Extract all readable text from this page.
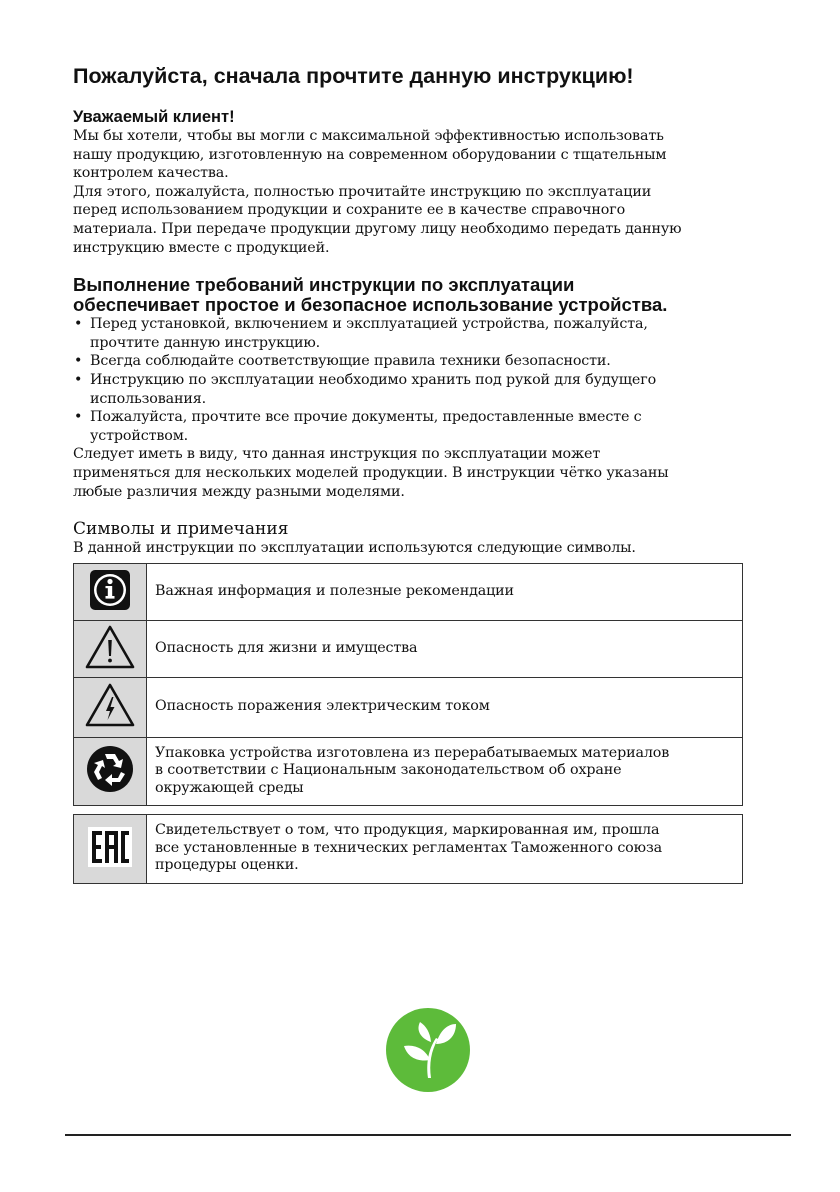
Пожалуйста, сначала прочтите данную инструкцию!
Уважаемый клиент!
Мы бы хотели, чтобы вы могли с максимальной эффективностью использовать
нашу продукцию, изготовленную на современном оборудовании с тщательным
контролем качества.
Для этого, пожалуйста, полностью прочитайте инструкцию по эксплуатации
перед использованием продукции и сохраните ее в качестве справочного
материала. При передаче продукции другому лицу необходимо передать данную
инструкцию вместе с продукцией.
Выполнение требований инструкции по эксплуатации
обеспечивает простое и безопасное использование устройства.
• Перед установкой, включением и эксплуатацией устройства, пожалуйста,
прочтите данную инструкцию.
• Всегда соблюдайте соответствующие правила техники безопасности.
• Инструкцию по эксплуатации необходимо хранить под рукой для будущего
использования.
• Пожалуйста, прочтите все прочие документы, предоставленные вместе с
устройством.
Следует иметь в виду, что данная инструкция по эксплуатации может
применяться для нескольких моделей продукции. В инструкции чётко указаны
любые различия между разными моделями.
Символы и примечания
В данной инструкции по эксплуатации используются следующие символы.

Важная информация и полезные рекомендации

Опасность для жизни и имущества

Опасность поражения электрическим током

Упаковка устройства изготовлена из перерабатываемых материалов
в соответствии с Национальным законодательством об охране
окружающей среды

Свидетельствует о том, что продукция, маркированная им, прошла
все установленные в технических регламентах Таможенного союза
процедуры оценки.
